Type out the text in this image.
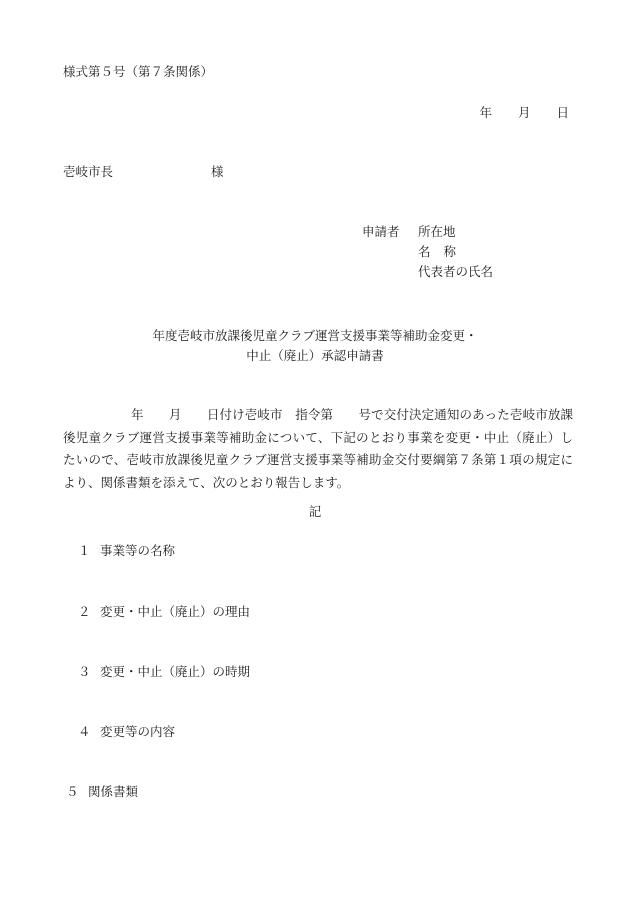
様式第５号（第７条関係）
年 月 日
壱岐市長	様
申請者 所在地
名称
代表者の氏名
年度壱岐市放課後児童クラブ運営支援事業等補助金変更・
中止（廃止）承認申請書
年　　月　　日付け壱岐市　指令第　　号で交付決定通知のあった壱岐市放課後児童クラブ運営支援事業等補助金について、下記のとおり事業を変更・中止（廃止）したいので、壱岐市放課後児童クラブ運営支援事業等補助金交付要綱第７条第１項の規定により、関係書類を添えて、次のとおり報告します。
記
１ 事業等の名称
２ 変更・中止（廃止）の理由
３ 変更・中止（廃止）の時期
４ 変更等の内容
５ 関係書類
